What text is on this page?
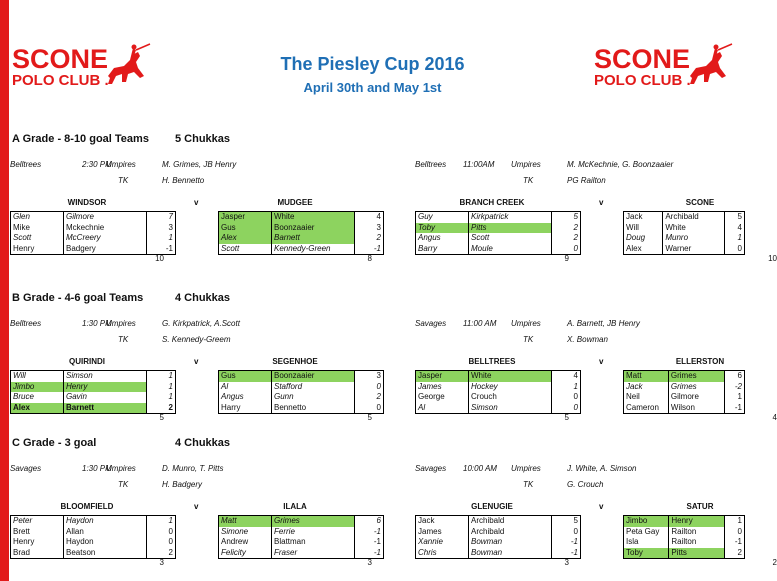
SCONE
POLO CLUB .
SCONE
POLO CLUB .
The Piesley Cup 2016
April 30th and May 1st
A Grade - 8-10 goal Teams 5 Chukkas
Belltrees	2:30 PM
Umpires	M. Grimes, JB Henry
TK	H. Bennetto
v
WINDSOR
Glen	Gilmore	7
Mike	Mckechnie	3
Scott	McCreery	1
Henry	Badgery	-1
10
MUDGEE
Jasper	White	4
Gus	Boonzaaier	3
Alex	Barnett	2
Scott	Kennedy-Green	-1
8
Belltrees 11:00AM Umpires	M. McKechnie, G. Boonzaaier
TK	PG Railton
v
BRANCH CREEK
Guy	Kirkpatrick	5
Toby	Pitts	2
Angus	Scott	2
Barry	Moule	0
9
SCONE
Jack	Archibald	5
Will	White	4
Doug	Munro	1
Alex	Warner	0
10
B Grade - 4-6 goal Teams	4 Chukkas
Belltrees	1:30 PM
Umpires	G. Kirkpatrick, A.Scott
TK	S. Kennedy-Greem
v
QUIRINDI
Will	Simson	1
Jimbo	Henry	1
Bruce	Gavin	1
Alex	Barnett	2
5
SEGENHOE
Gus	Boonzaaier	3
Al	Stafford	0
Angus	Gunn	2
Harry	Bennetto	0
5
Savages 11:00 AM Umpires	A. Barnett, JB Henry
TK	X. Bowman
v
BELLTREES
Jasper	White	4
James	Hockey	1
George	Crouch	0
Al	Simson	0
5
ELLERSTON
Matt	Grimes	6
Jack	Grimes	-2
Neil	Gilmore	1
Cameron	Wilson	-1
4
C Grade - 3 goal	4 Chukkas
Savages	1:30 PM
Umpires	D. Munro, T. Pitts
TK	H. Badgery
v
BLOOMFIELD
Peter	Haydon	1
Brett	Allan	0
Henry	Haydon	0
Brad	Beatson	2
3
ILALA
Matt	Grimes	6
Simone	Ferrie	-1
Andrew	Blattman	-1
Felicity	Fraser	-1
3
Savages 10:00 AM Umpires	J. White, A. Simson
TK	G. Crouch
v
GLENUGIE
Jack	Archibald	5
James	Archibald	0
Xannie	Bowman	-1
Chris	Bowman	-1
3
SATUR
Jimbo	Henry	1
Peta Gay	Railton	0
Isla	Railton	-1
Toby	Pitts	2
2
